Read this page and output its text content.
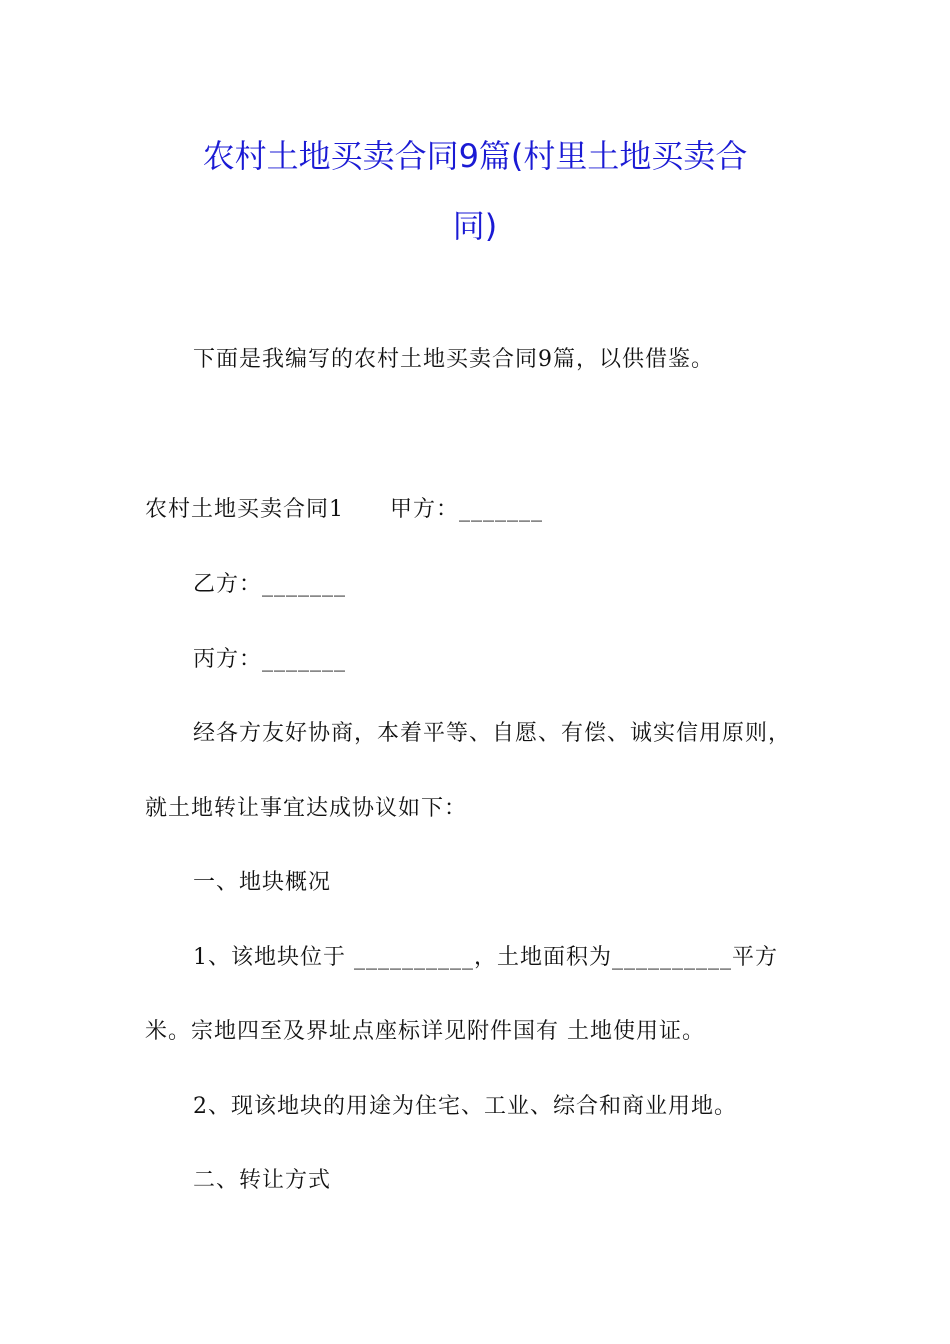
农村土地买卖合同9篇(村里土地买卖合
同)
下面是我编写的农村土地买卖合同9篇，以供借鉴。
农村土地买卖合同1　　甲方：_______
乙方：_______
丙方：_______
经各方友好协商，本着平等、自愿、有偿、诚实信用原则，
就土地转让事宜达成协议如下：
一、地块概况
1、该地块位于 __________，土地面积为__________平方
米。宗地四至及界址点座标详见附件国有 土地使用证。
2、现该地块的用途为住宅、工业、综合和商业用地。
二、转让方式
